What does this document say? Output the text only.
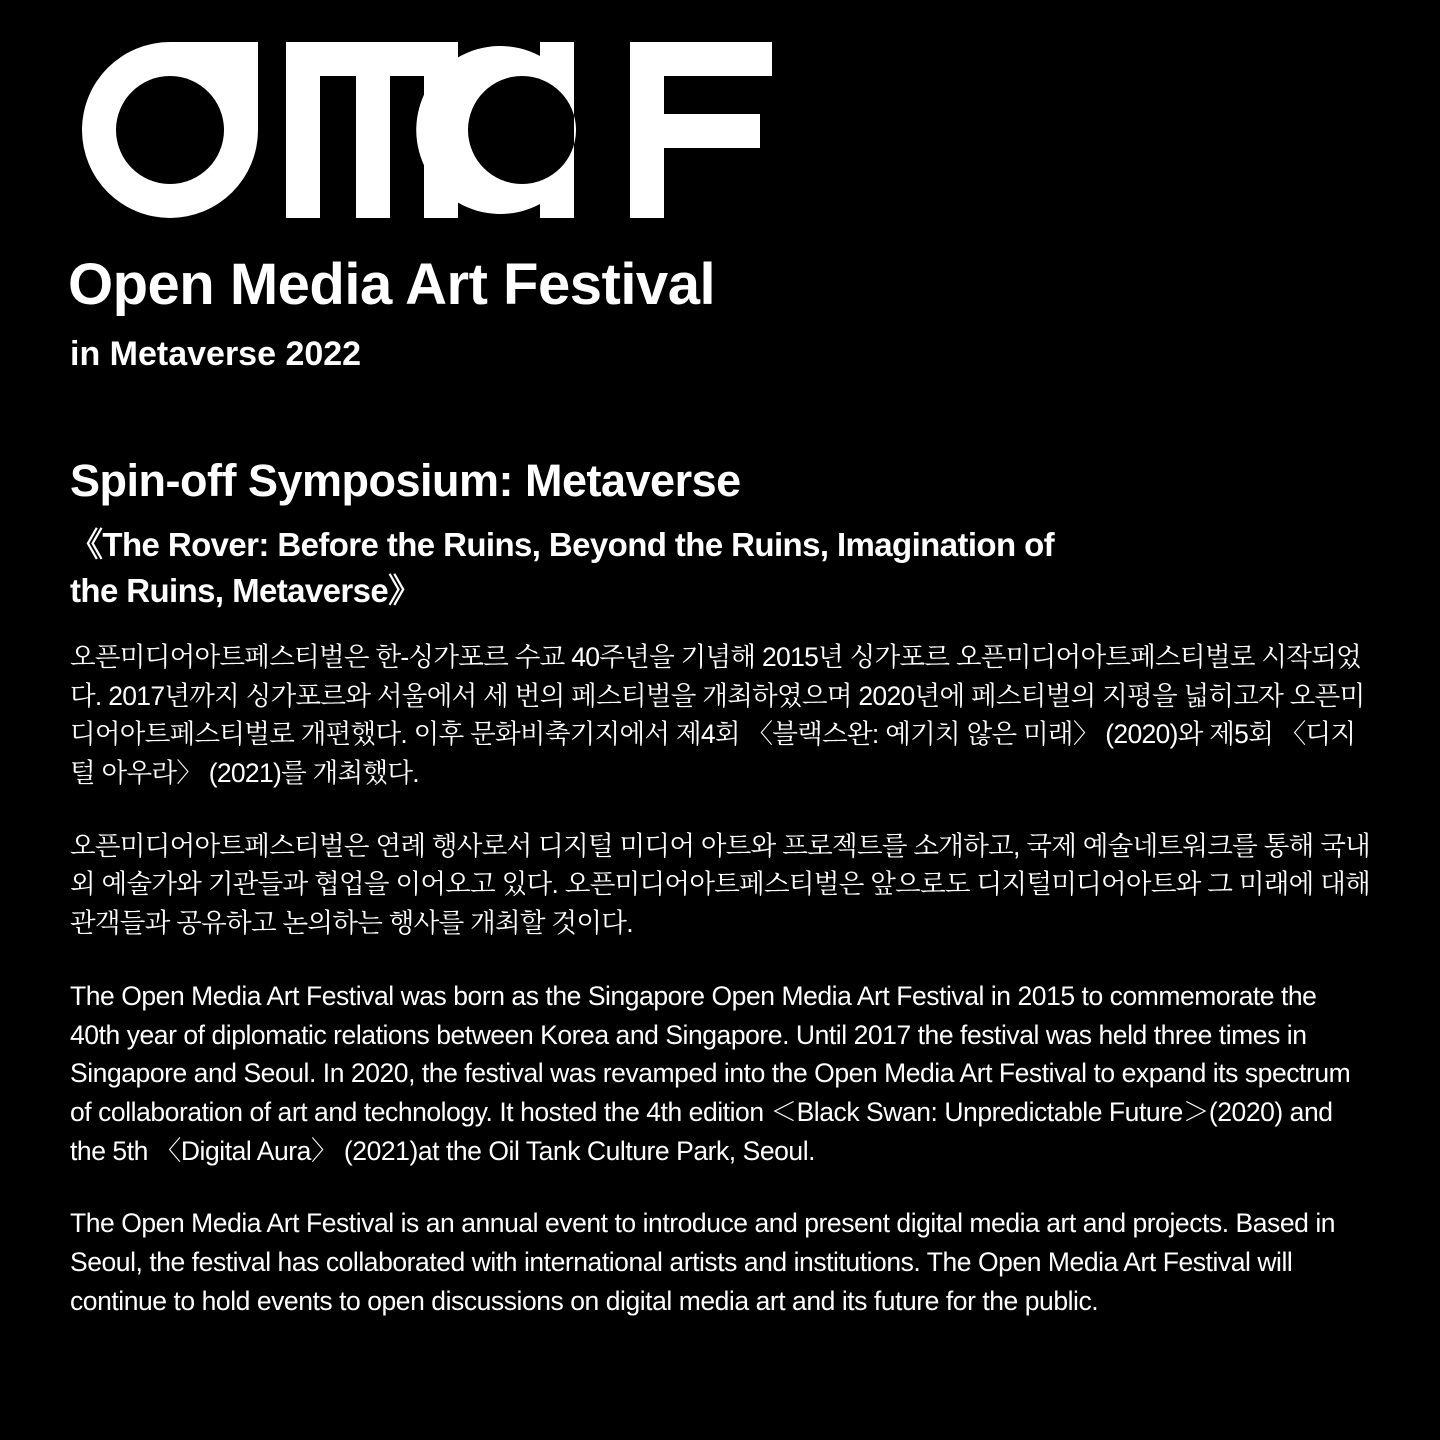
Open Media Art Festival
in Metaverse 2022
Spin-off Symposium: Metaverse
《The Rover: Before the Ruins, Beyond the Ruins, Imagination of the Ruins, Metaverse》

오픈미디어아트페스티벌은 한-싱가포르 수교 40주년을 기념해 2015년 싱가포르 오픈미디어아트페스티벌로 시작되었다. 2017년까지 싱가포르와 서울에서 세 번의 페스티벌을 개최하였으며 2020년에 페스티벌의 지평을 넓히고자 오픈미디어아트페스티벌로 개편했다. 이후 문화비축기지에서 제4회 〈블랙스완: 예기치 않은 미래〉 (2020)와 제5회 〈디지털 아우라〉 (2021)를 개최했다.

오픈미디어아트페스티벌은 연례 행사로서 디지털 미디어 아트와 프로젝트를 소개하고, 국제 예술네트워크를 통해 국내외 예술가와 기관들과 협업을 이어오고 있다. 오픈미디어아트페스티벌은 앞으로도 디지털미디어아트와 그 미래에 대해 관객들과 공유하고 논의하는 행사를 개최할 것이다.

The Open Media Art Festival was born as the Singapore Open Media Art Festival in 2015 to commemorate the 40th year of diplomatic relations between Korea and Singapore. Until 2017 the festival was held three times in Singapore and Seoul. In 2020, the festival was revamped into the Open Media Art Festival to expand its spectrum of collaboration of art and technology. It hosted the 4th edition ＜Black Swan: Unpredictable Future＞(2020) and the 5th 〈Digital Aura〉 (2021)at the Oil Tank Culture Park, Seoul.

The Open Media Art Festival is an annual event to introduce and present digital media art and projects. Based in Seoul, the festival has collaborated with international artists and institutions. The Open Media Art Festival will continue to hold events to open discussions on digital media art and its future for the public.
